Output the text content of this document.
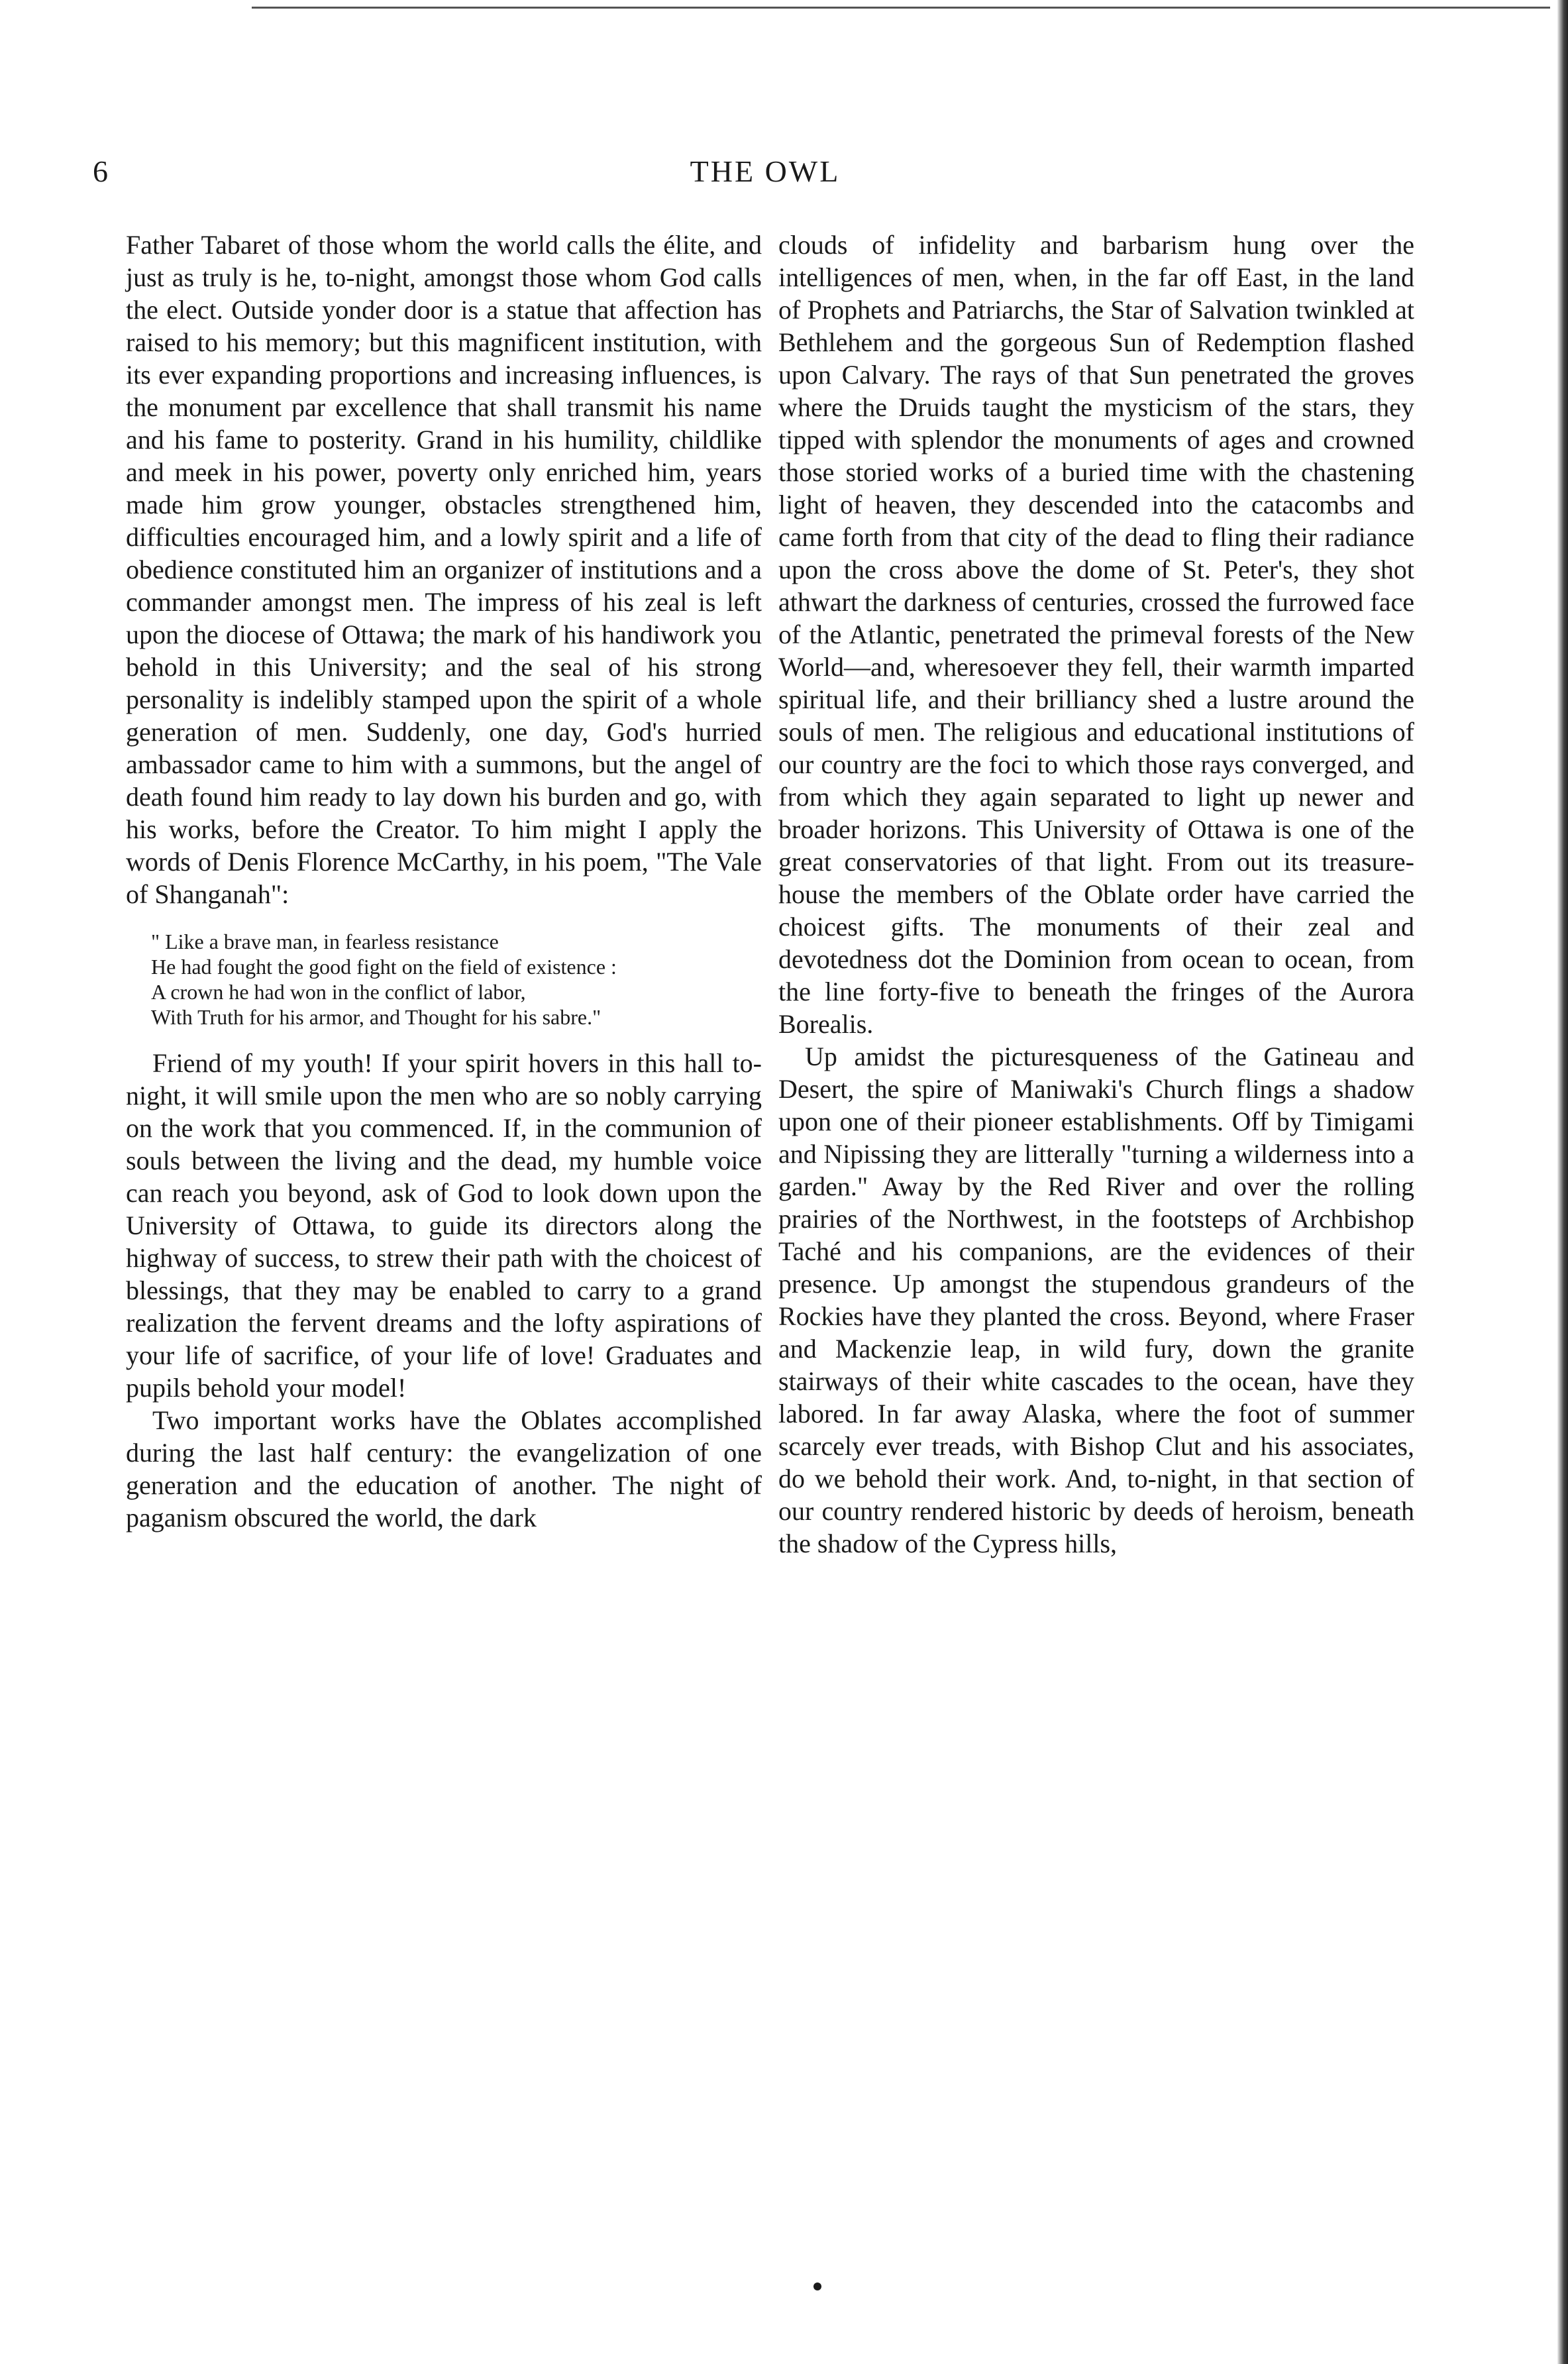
6	THE OWL

Father Tabaret of those whom the world calls the élite, and just as truly is he, to-night, amongst those whom God calls the elect. Outside yonder door is a statue that affection has raised to his memory; but this magnificent institution, with its ever expanding proportions and increasing influences, is the monument par excellence that shall transmit his name and his fame to posterity. Grand in his humility, childlike and meek in his power, poverty only enriched him, years made him grow younger, obstacles strengthened him, difficulties encouraged him, and a lowly spirit and a life of obedience constituted him an organizer of institutions and a commander amongst men. The impress of his zeal is left upon the diocese of Ottawa; the mark of his handiwork you behold in this University; and the seal of his strong personality is indelibly stamped upon the spirit of a whole generation of men. Suddenly, one day, God's hurried ambassador came to him with a summons, but the angel of death found him ready to lay down his burden and go, with his works, before the Creator. To him might I apply the words of Denis Florence McCarthy, in his poem, "The Vale of Shanganah":

" Like a brave man, in fearless resistance
He had fought the good fight on the field of existence :
A crown he had won in the conflict of labor,
With Truth for his armor, and Thought for his sabre."

Friend of my youth! If your spirit hovers in this hall to-night, it will smile upon the men who are so nobly carrying on the work that you commenced. If, in the communion of souls between the living and the dead, my humble voice can reach you beyond, ask of God to look down upon the University of Ottawa, to guide its directors along the highway of success, to strew their path with the choicest of blessings, that they may be enabled to carry to a grand realization the fervent dreams and the lofty aspirations of your life of sacrifice, of your life of love! Graduates and pupils behold your model!

Two important works have the Oblates accomplished during the last half century: the evangelization of one generation and the education of another. The night of paganism obscured the world, the dark

clouds of infidelity and barbarism hung over the intelligences of men, when, in the far off East, in the land of Prophets and Patriarchs, the Star of Salvation twinkled at Bethlehem and the gorgeous Sun of Redemption flashed upon Calvary. The rays of that Sun penetrated the groves where the Druids taught the mysticism of the stars, they tipped with splendor the monuments of ages and crowned those storied works of a buried time with the chastening light of heaven, they descended into the catacombs and came forth from that city of the dead to fling their radiance upon the cross above the dome of St. Peter's, they shot athwart the darkness of centuries, crossed the furrowed face of the Atlantic, penetrated the primeval forests of the New World—and, wheresoever they fell, their warmth imparted spiritual life, and their brilliancy shed a lustre around the souls of men. The religious and educational institutions of our country are the foci to which those rays converged, and from which they again separated to light up newer and broader horizons. This University of Ottawa is one of the great conservatories of that light. From out its treasure-house the members of the Oblate order have carried the choicest gifts. The monuments of their zeal and devotedness dot the Dominion from ocean to ocean, from the line forty-five to beneath the fringes of the Aurora Borealis.

Up amidst the picturesqueness of the Gatineau and Desert, the spire of Maniwaki's Church flings a shadow upon one of their pioneer establishments. Off by Timigami and Nipissing they are litterally "turning a wilderness into a garden." Away by the Red River and over the rolling prairies of the Northwest, in the footsteps of Archbishop Taché and his companions, are the evidences of their presence. Up amongst the stupendous grandeurs of the Rockies have they planted the cross. Beyond, where Fraser and Mackenzie leap, in wild fury, down the granite stairways of their white cascades to the ocean, have they labored. In far away Alaska, where the foot of summer scarcely ever treads, with Bishop Clut and his associates, do we behold their work. And, to-night, in that section of our country rendered historic by deeds of heroism, beneath the shadow of the Cypress hills,
